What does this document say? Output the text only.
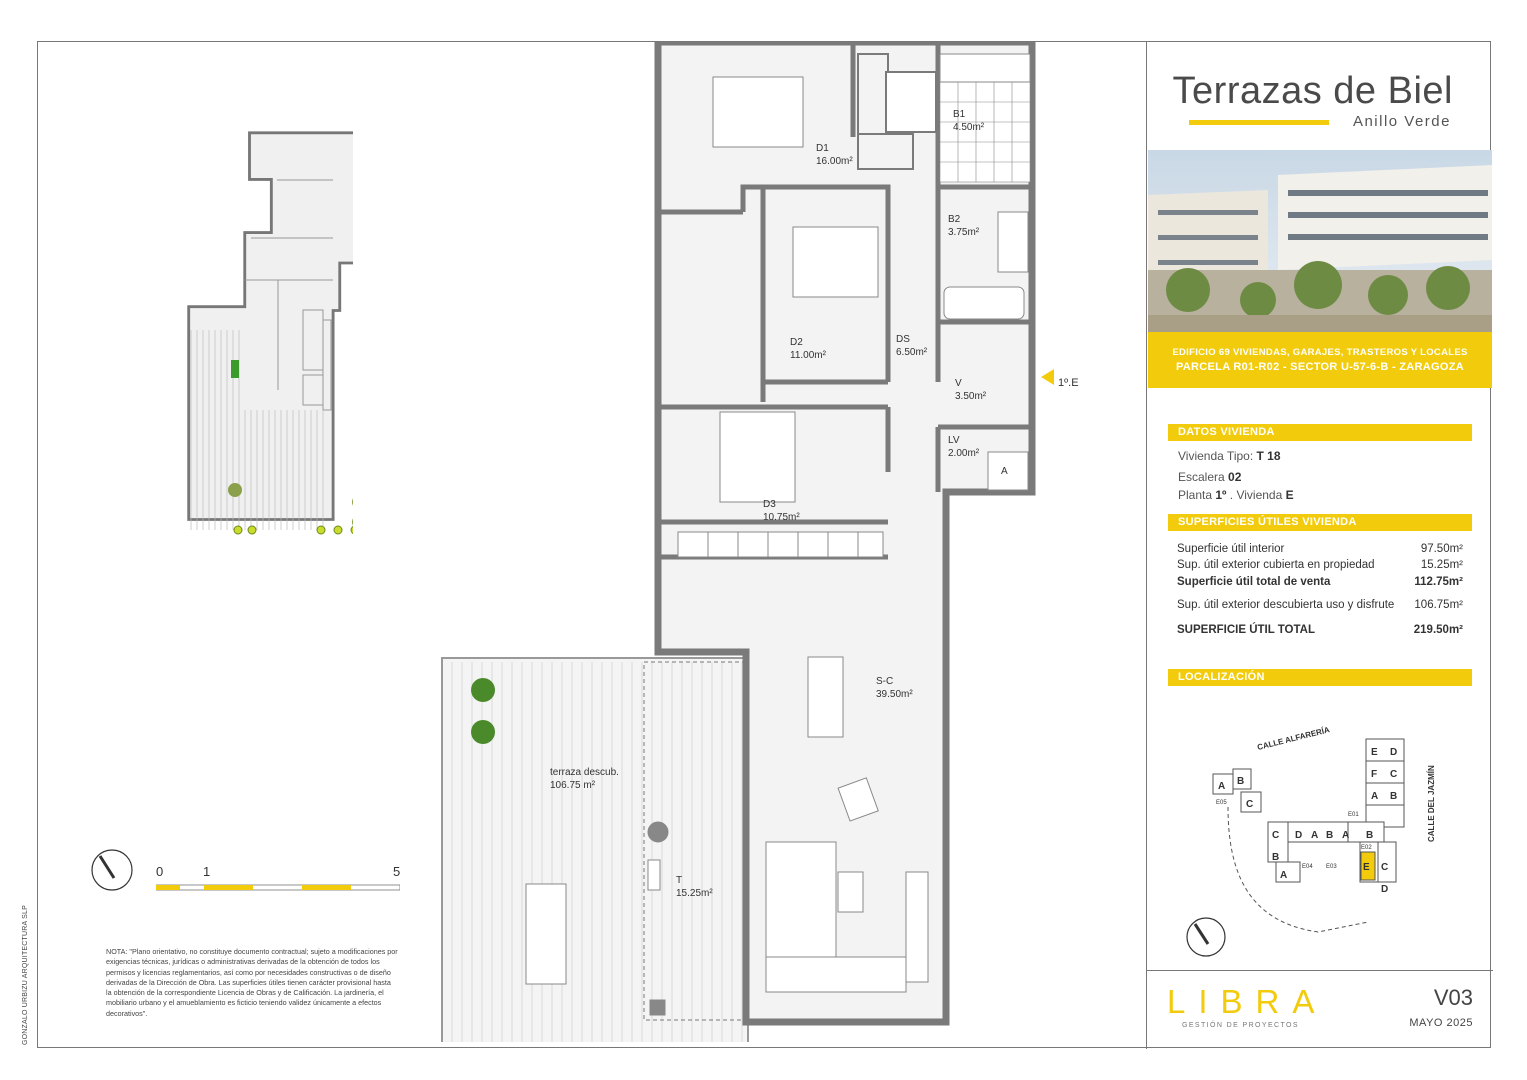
GONZALO URBIZU ARQUITECTURA SLP
D1
16.00m²
B1
4.50m²
B2
3.75m²
D2
11.00m²
DS
6.50m²
V
3.50m²
1º.E
LV
2.00m²
A
D3
10.75m²
S-C
39.50m²
terraza descub.
106.75 m²
T
15.25m²
0	1	5
NOTA: "Plano orientativo, no constituye documento contractual; sujeto a modificaciones por exigencias técnicas, jurídicas o administrativas derivadas de la obtención de todos los permisos y licencias reglamentarios, así como por necesidades constructivas o de diseño derivadas de la Dirección de Obra. Las superficies útiles tienen carácter provisional hasta la obtención de la correspondiente Licencia de Obras y de Calificación. La jardinería, el mobiliario urbano y el amueblamiento es ficticio teniendo validez únicamente a efectos decorativos".
Terrazas de Biel
Anillo Verde
EDIFICIO 69 VIVIENDAS, GARAJES, TRASTEROS Y LOCALES
PARCELA R01-R02 - SECTOR U-57-6-B - ZARAGOZA
DATOS VIVIENDA
Vivienda Tipo: T 18
Escalera 02
Planta 1º . Vivienda E
SUPERFICIES ÚTILES VIVIENDA
Superficie útil interior	97.50m²
Sup. útil exterior cubierta en propiedad	15.25m²
Superficie útil total de venta	112.75m²
Sup. útil exterior descubierta uso y disfrute 106.75m²
SUPERFICIE ÚTIL TOTAL	219.50m²
LOCALIZACIÓN
CALLE ALFARERÍA
CALLE DEL JAZMÍN
E D
F C
A B
A B
C
C D A B A B
B
A
C
E
D
E01
E05
E02
E04 E03
LIBRA
GESTIÓN DE PROYECTOS
V03
MAYO 2025
